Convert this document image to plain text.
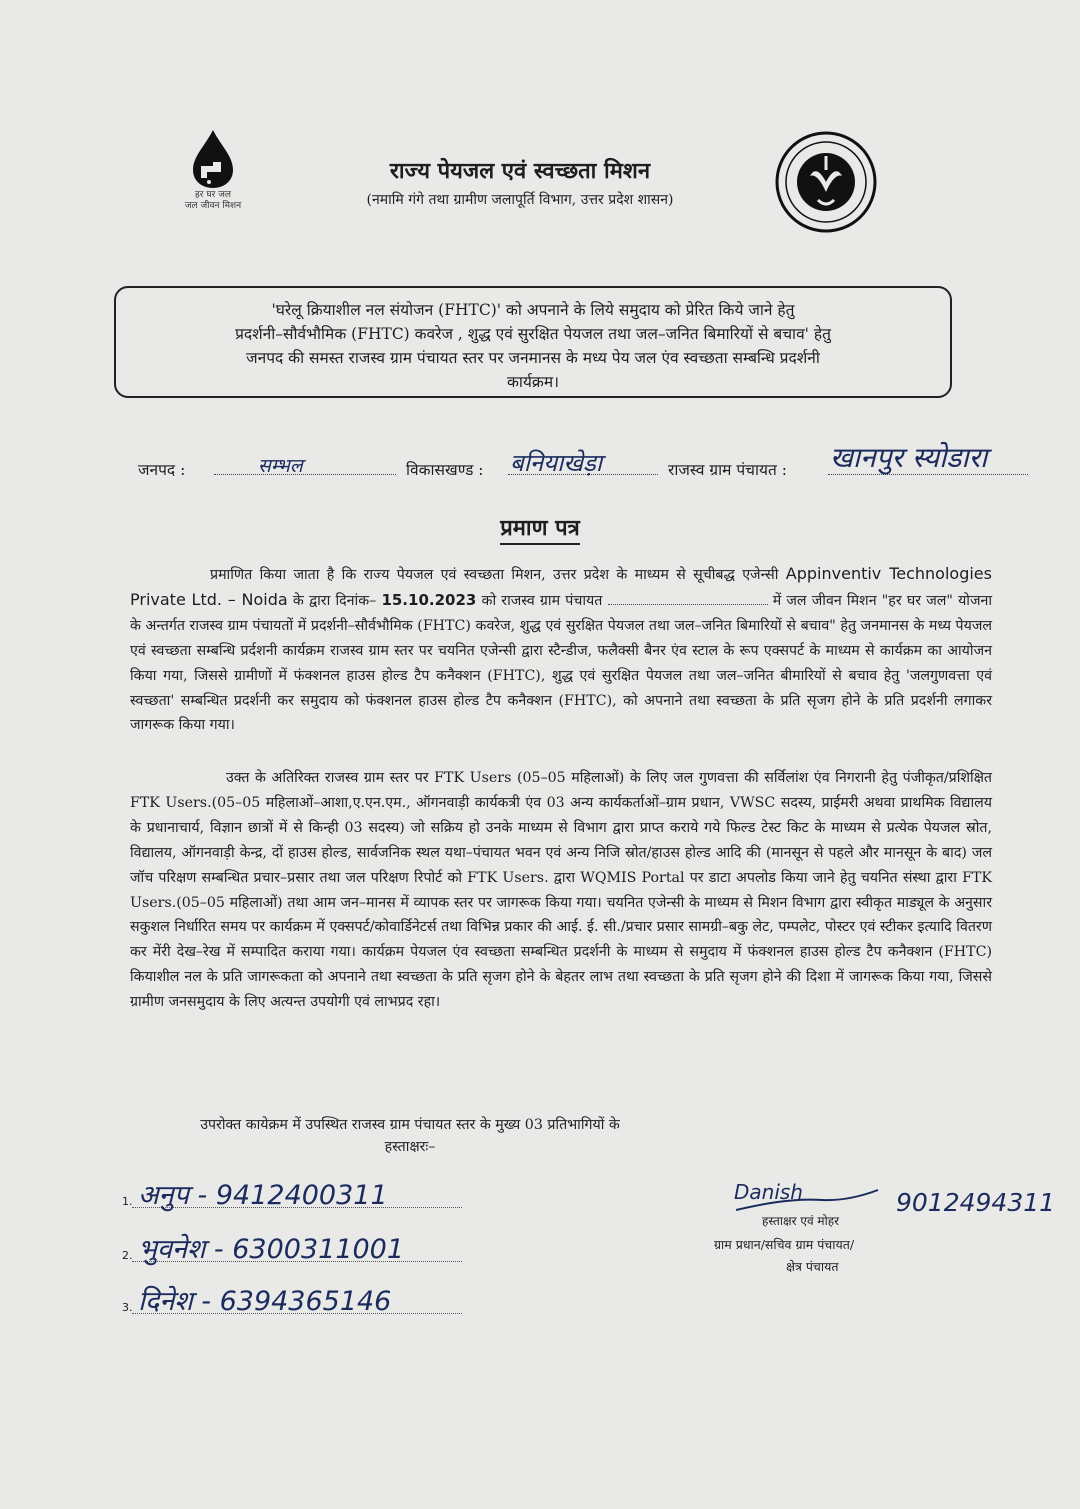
हर घर जल
जल जीवन मिशन
राज्य पेयजल एवं स्वच्छता मिशन
(नमामि गंगे तथा ग्रामीण जलापूर्ति विभाग, उत्तर प्रदेश शासन)
'घरेलू क्रियाशील नल संयोजन (FHTC)' को अपनाने के लिये समुदाय को प्रेरित किये जाने हेतु
प्रदर्शनी–सौर्वभौमिक (FHTC) कवरेज , शुद्ध एवं सुरक्षित पेयजल तथा जल–जनित बिमारियों से बचाव' हेतु
जनपद की समस्त राजस्व ग्राम पंचायत स्तर पर जनमानस के मध्य पेय जल एंव स्वच्छता सम्बन्धि प्रदर्शनी
कार्यक्रम।
जनपद :	सम्भल	विकासखण्ड : बनियाखेड़ा	राजस्व ग्राम पंचायत : खानपुर स्योडारा
प्रमाण पत्र
प्रमाणित किया जाता है कि राज्य पेयजल एवं स्वच्छता मिशन, उत्तर प्रदेश के माध्यम से सूचीबद्ध एजेन्सी Appinventiv Technologies Private Ltd. – Noida के द्वारा दिनांक– 15.10.2023 को राजस्व ग्राम पंचायत	में जल जीवन मिशन "हर घर जल" योजना के अन्तर्गत राजस्व ग्राम पंचायतों में प्रदर्शनी–सौर्वभौमिक (FHTC) कवरेज, शुद्ध एवं सुरक्षित पेयजल तथा जल–जनित बिमारियों से बचाव" हेतु जनमानस के मध्य पेयजल एवं स्वच्छता सम्बन्धि प्रर्दशनी कार्यक्रम राजस्व ग्राम स्तर पर चयनित एजेन्सी द्वारा स्टैन्डीज, फलैक्सी बैनर एंव स्टाल के रूप एक्सपर्ट के माध्यम से कार्यक्रम का आयोजन किया गया, जिससे ग्रामीणों में फंक्शनल हाउस होल्ड टैप कनैक्शन (FHTC), शुद्ध एवं सुरक्षित पेयजल तथा जल–जनित बीमारियों से बचाव हेतु 'जलगुणवत्ता एवं स्वच्छता' सम्बन्धित प्रदर्शनी कर समुदाय को फंक्शनल हाउस होल्ड टैप कनैक्शन (FHTC), को अपनाने तथा स्वच्छता के प्रति सृजग होने के प्रति प्रदर्शनी लगाकर जागरूक किया गया।
उक्त के अतिरिक्त राजस्व ग्राम स्तर पर FTK Users (05–05 महिलाओं) के लिए जल गुणवत्ता की सर्विलांश एंव निगरानी हेतु पंजीकृत/प्रशिक्षित FTK Users.(05–05 महिलाओं–आशा,ए.एन.एम., ऑगनवाड़ी कार्यकत्री एंव 03 अन्य कार्यकर्ताओं–ग्राम प्रधान, VWSC सदस्य, प्राईमरी अथवा प्राथमिक विद्यालय के प्रधानाचार्य, विज्ञान छात्रों में से किन्ही 03 सदस्य) जो सक्रिय हो उनके माध्यम से विभाग द्वारा प्राप्त कराये गये फिल्ड टेस्ट किट के माध्यम से प्रत्येक पेयजल स्रोत, विद्यालय, ऑगनवाड़ी केन्द्र, दों हाउस होल्ड, सार्वजनिक स्थल यथा–पंचायत भवन एवं अन्य निजि स्रोत/हाउस होल्ड आदि की (मानसून से पहले और मानसून के बाद) जल जॉच परिक्षण सम्बन्धित प्रचार–प्रसार तथा जल परिक्षण रिपोर्ट को FTK Users. द्वारा WQMIS Portal पर डाटा अपलोड किया जाने हेतु चयनित संस्था द्वारा FTK Users.(05–05 महिलाओं) तथा आम जन–मानस में व्यापक स्तर पर जागरूक किया गया। चयनित एजेन्सी के माध्यम से मिशन विभाग द्वारा स्वीकृत माड्यूल के अनुसार सकुशल निर्धारित समय पर कार्यक्रम में एक्सपर्ट/कोवार्डिनेटर्स तथा विभिन्न प्रकार की आई. ई. सी./प्रचार प्रसार सामग्री–बकु लेट, पम्पलेट, पोस्टर एवं स्टीकर इत्यादि वितरण कर मेंरी देख–रेख में सम्पादित कराया गया। कार्यक्रम पेयजल एंव स्वच्छता सम्बन्धित प्रदर्शनी के माध्यम से समुदाय में फंक्शनल हाउस होल्ड टैप कनैक्शन (FHTC) कियाशील नल के प्रति जागरूकता को अपनाने तथा स्वच्छता के प्रति सृजग होने के बेहतर लाभ तथा स्वच्छता के प्रति सृजग होने की दिशा में जागरूक किया गया, जिससे ग्रामीण जनसमुदाय के लिए अत्यन्त उपयोगी एवं लाभप्रद रहा।
उपरोक्त कायेक्रम में उपस्थित राजस्व ग्राम पंचायत स्तर के मुख्य 03 प्रतिभागियों के
हस्ताक्षरः–
1. अनुप - 9412400311
2. भुवनेश - 6300311001
3. दिनेश - 6394365146
Danish
हस्ताक्षर एवं मोहर
9012494311
ग्राम प्रधान/सचिव ग्राम पंचायत/
क्षेत्र पंचायत
